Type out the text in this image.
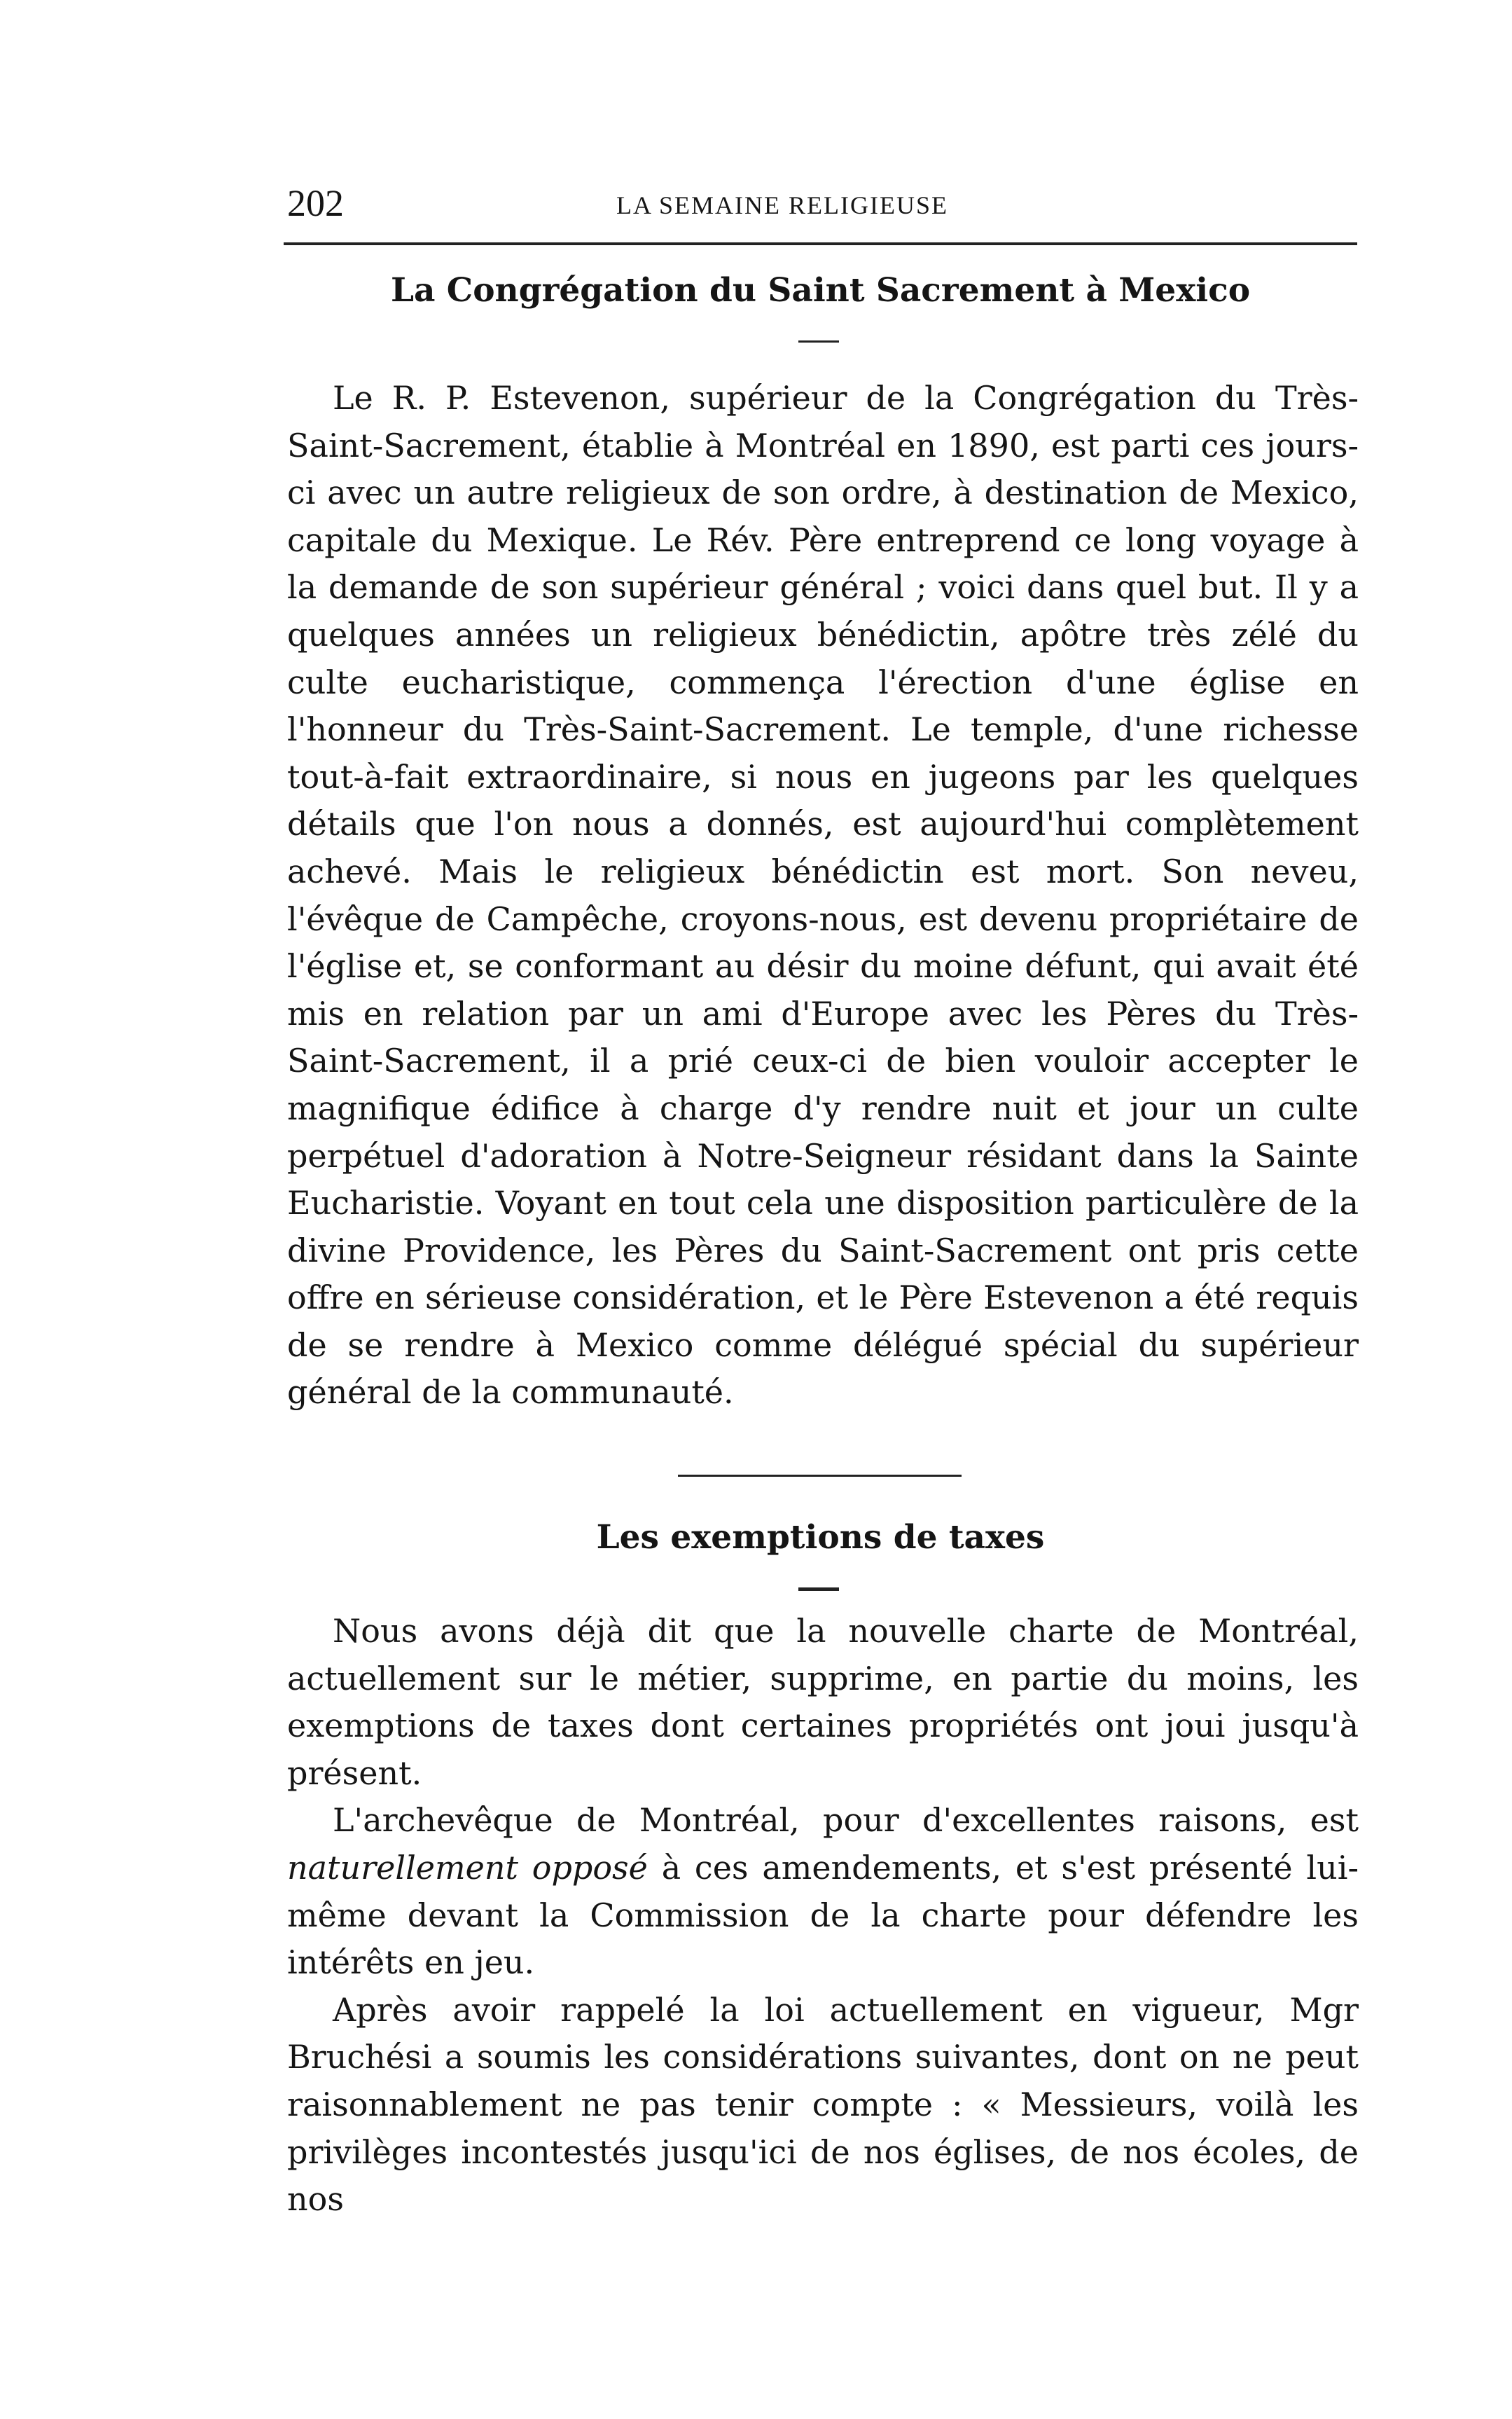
202	LA SEMAINE RELIGIEUSE
La Congrégation du Saint Sacrement à Mexico

Le R. P. Estevenon, supérieur de la Congrégation du Très-Saint-Sacrement, établie à Montréal en 1890, est parti ces jours-ci avec un autre religieux de son ordre, à destination de Mexico, capitale du Mexique. Le Rév. Père entreprend ce long voyage à la demande de son supérieur général ; voici dans quel but. Il y a quelques années un religieux bénédictin, apôtre très zélé du culte eucharistique, commença l'érection d'une église en l'honneur du Très-Saint-Sacrement. Le temple, d'une richesse tout-à-fait extraordinaire, si nous en jugeons par les quelques détails que l'on nous a donnés, est aujourd'hui complètement achevé. Mais le religieux bénédictin est mort. Son neveu, l'évêque de Campêche, croyons-nous, est devenu propriétaire de l'église et, se conformant au désir du moine défunt, qui avait été mis en relation par un ami d'Europe avec les Pères du Très-Saint-Sacrement, il a prié ceux-ci de bien vouloir accepter le magnifique édifice à charge d'y rendre nuit et jour un culte perpétuel d'adoration à Notre-Seigneur résidant dans la Sainte Eucharistie. Voyant en tout cela une disposition particulère de la divine Providence, les Pères du Saint-Sacrement ont pris cette offre en sérieuse considération, et le Père Estevenon a été requis de se rendre à Mexico comme délégué spécial du supérieur général de la communauté.

Les exemptions de taxes

Nous avons déjà dit que la nouvelle charte de Montréal, actuellement sur le métier, supprime, en partie du moins, les exemptions de taxes dont certaines propriétés ont joui jusqu'à présent.

L'archevêque de Montréal, pour d'excellentes raisons, est naturellement opposé à ces amendements, et s'est présenté lui-même devant la Commission de la charte pour défendre les intérêts en jeu.

Après avoir rappelé la loi actuellement en vigueur, Mgr Bruchési a soumis les considérations suivantes, dont on ne peut raisonnablement ne pas tenir compte : « Messieurs, voilà les privilèges incontestés jusqu'ici de nos églises, de nos écoles, de nos
